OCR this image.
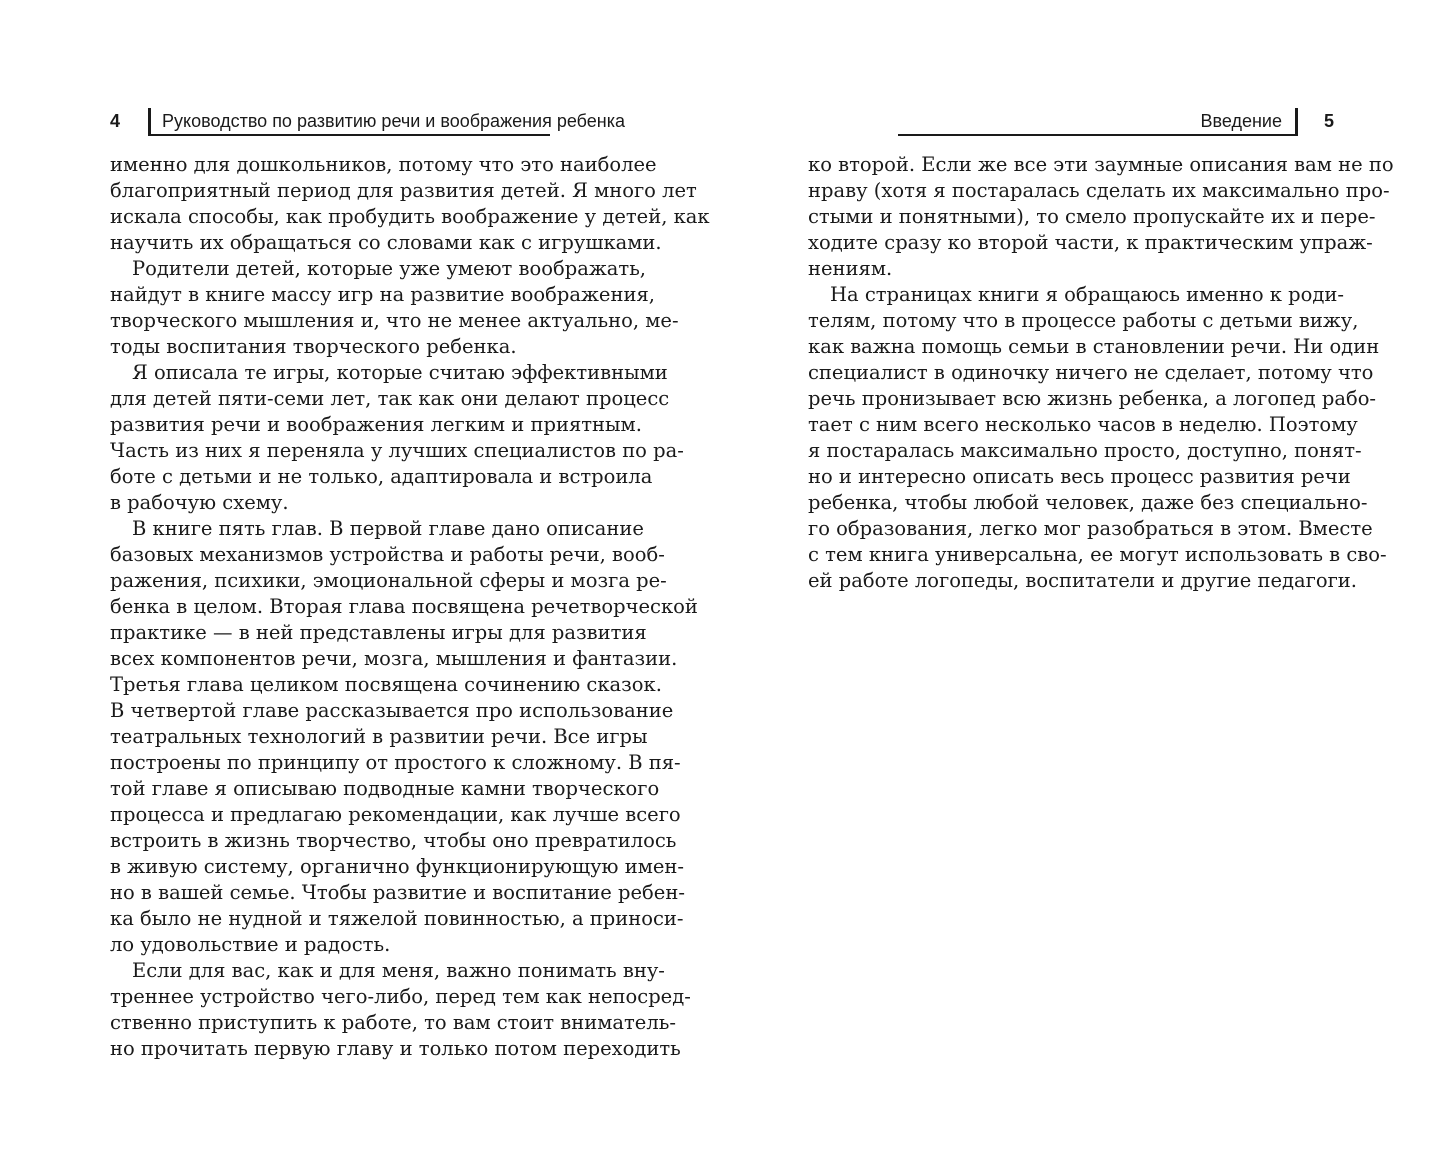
4 Руководство по развитию речи и воображения ребенка
именно для дошкольников, потому что это наиболее
благоприятный период для развития детей. Я много лет
искала способы, как пробудить воображение у детей, как
научить их обращаться со словами как с игрушками.
Родители детей, которые уже умеют воображать,
найдут в книге массу игр на развитие воображения,
творческого мышления и, что не менее актуально, ме-
тоды воспитания творческого ребенка.
Я описала те игры, которые считаю эффективными
для детей пяти-семи лет, так как они делают процесс
развития речи и воображения легким и приятным.
Часть из них я переняла у лучших специалистов по ра-
боте с детьми и не только, адаптировала и встроила
в рабочую схему.
В книге пять глав. В первой главе дано описание
базовых механизмов устройства и работы речи, вооб-
ражения, психики, эмоциональной сферы и мозга ре-
бенка в целом. Вторая глава посвящена речетворческой
практике — в ней представлены игры для развития
всех компонентов речи, мозга, мышления и фантазии.
Третья глава целиком посвящена сочинению сказок.
В четвертой главе рассказывается про использование
театральных технологий в развитии речи. Все игры
построены по принципу от простого к сложному. В пя-
той главе я описываю подводные камни творческого
процесса и предлагаю рекомендации, как лучше всего
встроить в жизнь творчество, чтобы оно превратилось
в живую систему, органично функционирующую имен-
но в вашей семье. Чтобы развитие и воспитание ребен-
ка было не нудной и тяжелой повинностью, а приноси-
ло удовольствие и радость.
Если для вас, как и для меня, важно понимать вну-
треннее устройство чего-либо, перед тем как непосред-
ственно приступить к работе, то вам стоит вниматель-
но прочитать первую главу и только потом переходить
Введение 5
ко второй. Если же все эти заумные описания вам не по
нраву (хотя я постаралась сделать их максимально про-
стыми и понятными), то смело пропускайте их и пере-
ходите сразу ко второй части, к практическим упраж-
нениям.
На страницах книги я обращаюсь именно к роди-
телям, потому что в процессе работы с детьми вижу,
как важна помощь семьи в становлении речи. Ни один
специалист в одиночку ничего не сделает, потому что
речь пронизывает всю жизнь ребенка, а логопед рабо-
тает с ним всего несколько часов в неделю. Поэтому
я постаралась максимально просто, доступно, понят-
но и интересно описать весь процесс развития речи
ребенка, чтобы любой человек, даже без специально-
го образования, легко мог разобраться в этом. Вместе
с тем книга универсальна, ее могут использовать в сво-
ей работе логопеды, воспитатели и другие педагоги.
